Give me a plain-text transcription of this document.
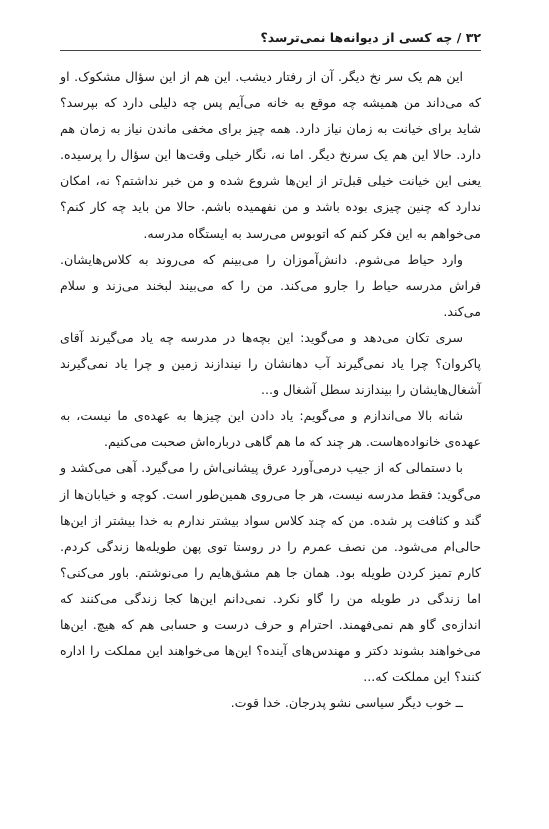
۳۲ / چه کسی از دیوانه‌ها نمی‌ترسد؟

این هم یک سر نخ دیگر. آن از رفتار دیشب. این هم از این سؤال مشکوک. او که می‌داند من همیشه چه موقع به خانه می‌آیم پس چه دلیلی دارد که بپرسد؟ شاید برای خیانت به زمان نیاز دارد. همه چیز برای مخفی ماندن نیاز به زمان هم دارد. حالا این هم یک سرنخ دیگر. اما نه، نگار خیلی وقت‌ها این سؤال را پرسیده. یعنی این خیانت خیلی قبل‌تر از این‌ها شروع شده و من خبر نداشتم؟ نه، امکان ندارد که چنین چیزی بوده باشد و من نفهمیده باشم. حالا من باید چه کار کنم؟ می‌خواهم به این فکر کنم که اتوبوس می‌رسد به ایستگاه مدرسه.

وارد حیاط می‌شوم. دانش‌آموزان را می‌بینم که می‌روند به کلاس‌هایشان. فراش مدرسه حیاط را جارو می‌کند. من را که می‌بیند لبخند می‌زند و سلام می‌کند.

سری تکان می‌دهد و می‌گوید: این بچه‌ها در مدرسه چه یاد می‌گیرند آقای پاکروان؟ چرا یاد نمی‌گیرند آب دهانشان را نیندازند زمین و چرا یاد نمی‌گیرند آشغال‌هایشان را بیندازند سطل آشغال و...

شانه بالا می‌اندازم و می‌گویم: یاد دادن این چیزها به عهده‌ی ما نیست، به عهده‌ی خانواده‌هاست. هر چند که ما هم گاهی درباره‌اش صحبت می‌کنیم.

با دستمالی که از جیب درمی‌آورد عرق پیشانی‌اش را می‌گیرد. آهی می‌کشد و می‌گوید: فقط مدرسه نیست، هر جا می‌روی همین‌طور است. کوچه و خیابان‌ها از گند و کثافت پر شده. من که چند کلاس سواد بیشتر ندارم به خدا بیشتر از این‌ها حالی‌ام می‌شود. من نصف عمرم را در روستا توی پهن طویله‌ها زندگی کردم. کارم تمیز کردن طویله بود. همان جا هم مشق‌هایم را می‌نوشتم. باور می‌کنی؟ اما زندگی در طویله من را گاو نکرد. نمی‌دانم این‌ها کجا زندگی می‌کنند که اندازه‌ی گاو هم نمی‌فهمند. احترام و حرف درست و حسابی هم که هیچ. این‌ها می‌خواهند بشوند دکتر و مهندس‌های آینده؟ این‌ها می‌خواهند این مملکت را اداره کنند؟ این مملکت که...

ــ خوب دیگر سیاسی نشو پدرجان. خدا قوت.
